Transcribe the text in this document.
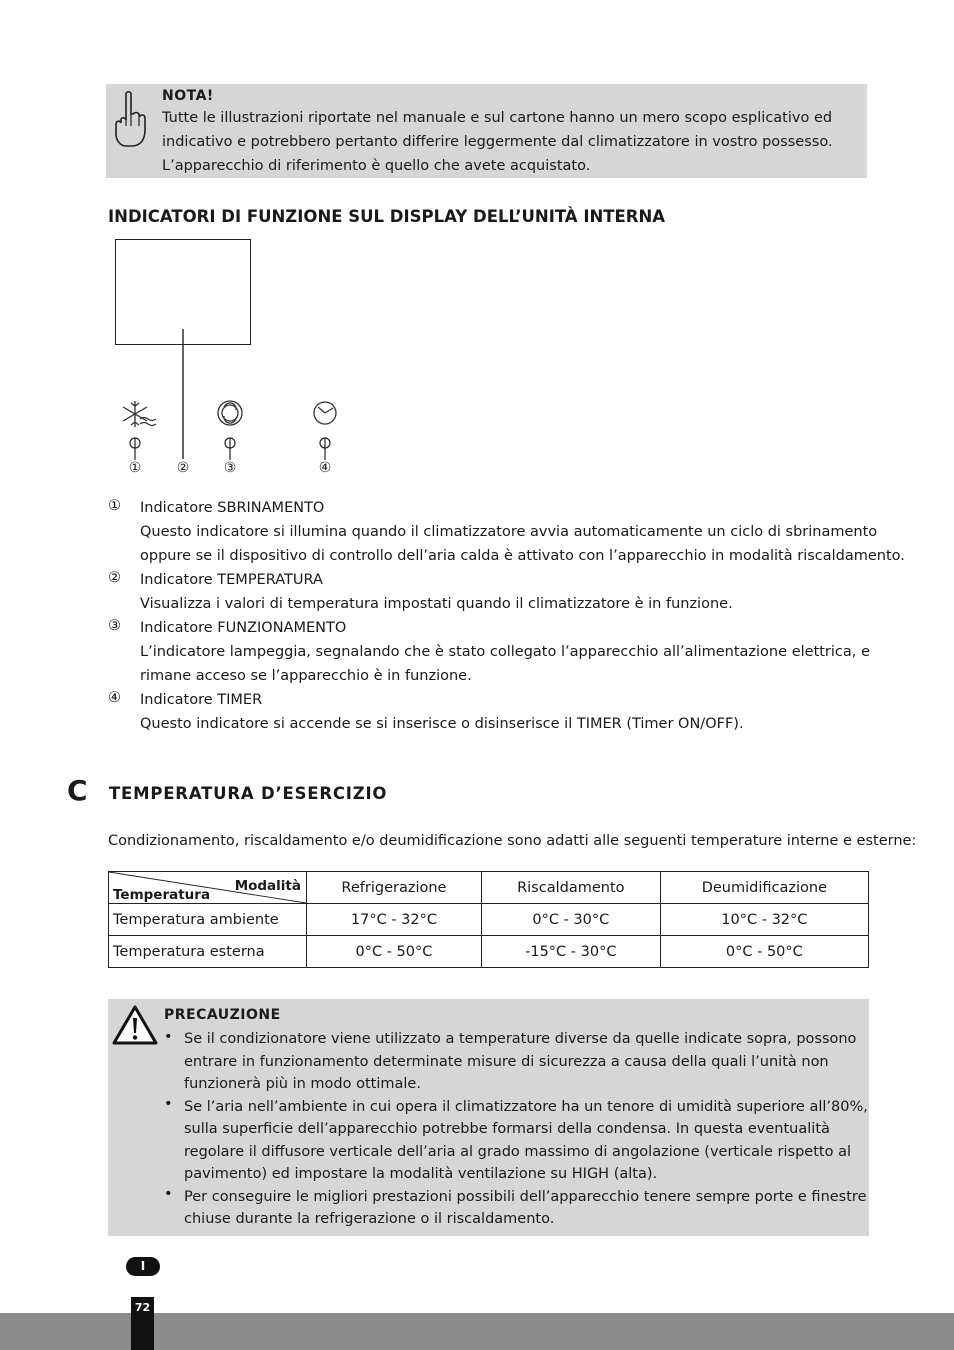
NOTA!
Tutte le illustrazioni riportate nel manuale e sul cartone hanno un mero scopo esplicativo ed
indicativo e potrebbero pertanto differire leggermente dal climatizzatore in vostro possesso.
L’apparecchio di riferimento è quello che avete acquistato.
INDICATORI DI FUNZIONE SUL DISPLAY DELL’UNITÀ INTERNA
①	② ③	④
① Indicatore SBRINAMENTO
Questo indicatore si illumina quando il climatizzatore avvia automaticamente un ciclo di sbrinamento
oppure se il dispositivo di controllo dell’aria calda è attivato con l’apparecchio in modalità riscaldamento.
② Indicatore TEMPERATURA
Visualizza i valori di temperatura impostati quando il climatizzatore è in funzione.
③ Indicatore FUNZIONAMENTO
L’indicatore lampeggia, segnalando che è stato collegato l’apparecchio all’alimentazione elettrica, e
rimane acceso se l’apparecchio è in funzione.
④ Indicatore TIMER
Questo indicatore si accende se si inserisce o disinserisce il TIMER (Timer ON/OFF).
C TEMPERATURA D’ESERCIZIO
Condizionamento, riscaldamento e/o deumidificazione sono adatti alle seguenti temperature interne e esterne:
Modalità
Temperatura	Refrigerazione	Riscaldamento	Deumidificazione
Temperatura ambiente	17°C - 32°C	0°C - 30°C	10°C - 32°C
Temperatura esterna	0°C - 50°C	-15°C - 30°C	0°C - 50°C
PRECAUZIONE
• Se il condizionatore viene utilizzato a temperature diverse da quelle indicate sopra, possono
entrare in funzionamento determinate misure di sicurezza a causa della quali l’unità non
funzionerà più in modo ottimale.
• Se l’aria nell’ambiente in cui opera il climatizzatore ha un tenore di umidità superiore all’80%,
sulla superficie dell’apparecchio potrebbe formarsi della condensa. In questa eventualità
regolare il diffusore verticale dell’aria al grado massimo di angolazione (verticale rispetto al
pavimento) ed impostare la modalità ventilazione su HIGH (alta).
• Per conseguire le migliori prestazioni possibili dell’apparecchio tenere sempre porte e finestre
chiuse durante la refrigerazione o il riscaldamento.
I
72
